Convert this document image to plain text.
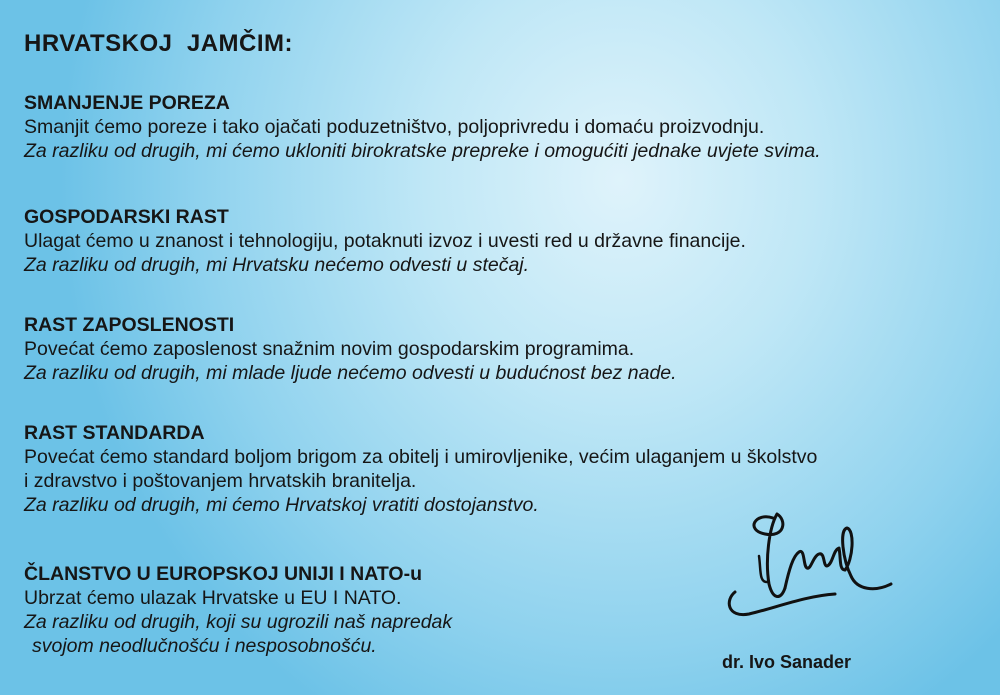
HRVATSKOJ  JAMČIM:
SMANJENJE POREZA

Smanjit ćemo poreze i tako ojačati poduzetništvo, poljoprivredu i domaću proizvodnju.

Za razliku od drugih, mi ćemo ukloniti birokratske prepreke i omogućiti jednake uvjete svima.

GOSPODARSKI RAST

Ulagat ćemo u znanost i tehnologiju, potaknuti izvoz i uvesti red u državne financije.

Za razliku od drugih, mi Hrvatsku nećemo odvesti u stečaj.

RAST ZAPOSLENOSTI

Povećat ćemo zaposlenost snažnim novim gospodarskim programima.

Za razliku od drugih, mi mlade ljude nećemo odvesti u budućnost bez nade.

RAST STANDARDA

Povećat ćemo standard boljom brigom za obitelj i umirovljenike, većim ulaganjem u školstvo

i zdravstvo i poštovanjem hrvatskih branitelja.

Za razliku od drugih, mi ćemo Hrvatskoj vratiti dostojanstvo.

ČLANSTVO U EUROPSKOJ UNIJI I NATO-u

Ubrzat ćemo ulazak Hrvatske u EU I NATO.

Za razliku od drugih, koji su ugrozili naš napredak

svojom neodlučnošću i nesposobnošću.

dr. Ivo Sanader
